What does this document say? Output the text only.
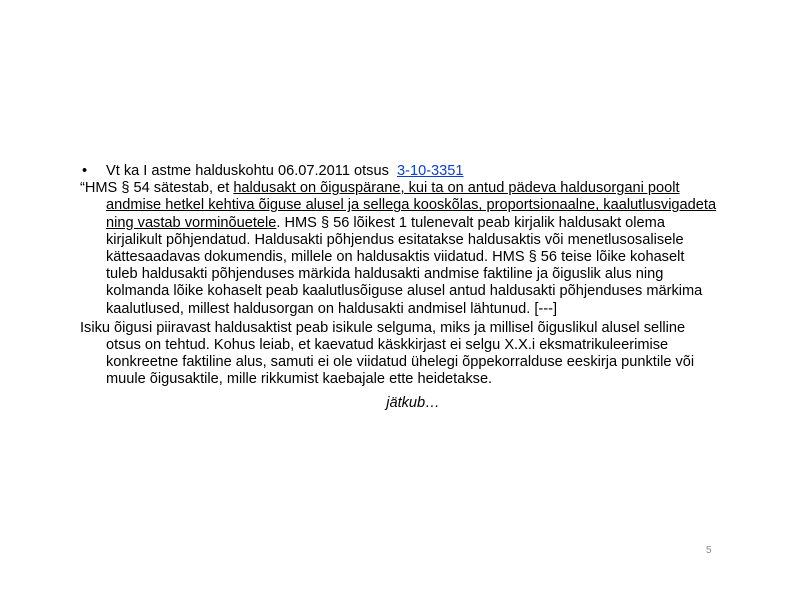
• Vt ka I astme halduskohtu 06.07.2011 otsus 3-10-3351
“HMS § 54 sätestab, et haldusakt on õiguspärane, kui ta on antud pädeva haldusorgani poolt andmise hetkel kehtiva õiguse alusel ja sellega kooskõlas, proportsionaalne, kaalutlusvigadeta ning vastab vorminõuetele. HMS § 56 lõikest 1 tulenevalt peab kirjalik haldusakt olema kirjalikult põhjendatud. Haldusakti põhjendus esitatakse haldusaktis või menetlusosalisele kättesaadavas dokumendis, millele on haldusaktis viidatud. HMS § 56 teise lõike kohaselt tuleb haldusakti põhjenduses märkida haldusakti andmise faktiline ja õiguslik alus ning kolmanda lõike kohaselt peab kaalutlusõiguse alusel antud haldusakti põhjenduses märkima kaalutlused, millest haldusorgan on haldusakti andmisel lähtunud. [---]
Isiku õigusi piiravast haldusaktist peab isikule selguma, miks ja millisel õiguslikul alusel selline otsus on tehtud. Kohus leiab, et kaevatud käskkirjast ei selgu X.X.i eksmatrikuleerimise konkreetne faktiline alus, samuti ei ole viidatud ühelegi õppekorralduse eeskirja punktile või muule õigusaktile, mille rikkumist kaebajale ette heidetakse.
jätkub…
5
